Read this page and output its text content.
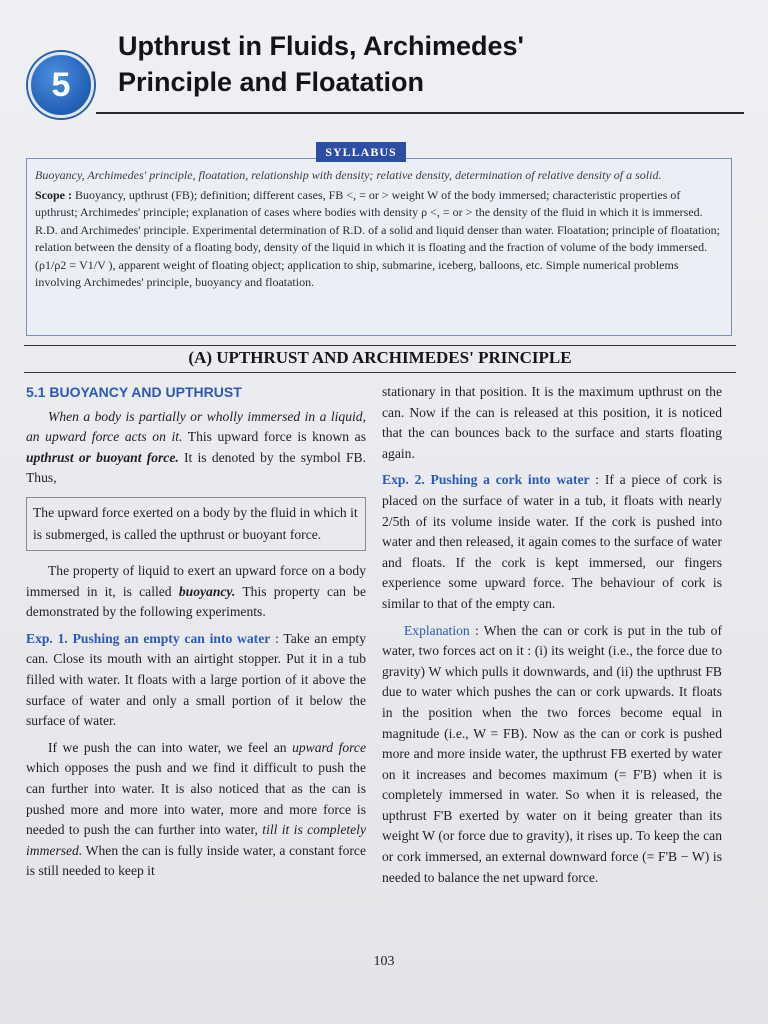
5
Upthrust in Fluids, Archimedes'
Principle and Floatation

Buoyancy, Archimedes' principle, floatation, relationship with density; relative density, determination of relative density of a solid.

Scope : Buoyancy, upthrust (FB); definition; different cases, FB <, = or > weight W of the body immersed; characteristic properties of upthrust; Archimedes' principle; explanation of cases where bodies with density ρ <, = or > the density of the fluid in which it is immersed. R.D. and Archimedes' principle. Experimental determination of R.D. of a solid and liquid denser than water. Floatation; principle of floatation; relation between the density of a floating body, density of the liquid in which it is floating and the fraction of volume of the body immersed. (ρ1/ρ2 = V1/V ), apparent weight of floating object; application to ship, submarine, iceberg, balloons, etc. Simple numerical problems involving Archimedes' principle, buoyancy and floatation.

SYLLABUS
(A) UPTHRUST AND ARCHIMEDES' PRINCIPLE
5.1 BUOYANCY AND UPTHRUST

When a body is partially or wholly immersed in a liquid, an upward force acts on it. This upward force is known as upthrust or buoyant force. It is denoted by the symbol FB. Thus,

The upward force exerted on a body by the fluid in which it is submerged, is called the upthrust or buoyant force.

The property of liquid to exert an upward force on a body immersed in it, is called buoyancy. This property can be demonstrated by the following experiments.

Exp. 1. Pushing an empty can into water : Take an empty can. Close its mouth with an airtight stopper. Put it in a tub filled with water. It floats with a large portion of it above the surface of water and only a small portion of it below the surface of water.

If we push the can into water, we feel an upward force which opposes the push and we find it difficult to push the can further into water. It is also noticed that as the can is pushed more and more into water, more and more force is needed to push the can further into water, till it is completely immersed. When the can is fully inside water, a constant force is still needed to keep it

stationary in that position. It is the maximum upthrust on the can. Now if the can is released at this position, it is noticed that the can bounces back to the surface and starts floating again.

Exp. 2. Pushing a cork into water : If a piece of cork is placed on the surface of water in a tub, it floats with nearly 2/5th of its volume inside water. If the cork is pushed into water and then released, it again comes to the surface of water and floats. If the cork is kept immersed, our fingers experience some upward force. The behaviour of cork is similar to that of the empty can.

Explanation : When the can or cork is put in the tub of water, two forces act on it : (i) its weight (i.e., the force due to gravity) W which pulls it downwards, and (ii) the upthrust FB due to water which pushes the can or cork upwards. It floats in the position when the two forces become equal in magnitude (i.e., W = FB). Now as the can or cork is pushed more and more inside water, the upthrust FB exerted by water on it increases and becomes maximum (= F'B) when it is completely immersed in water. So when it is released, the upthrust F'B exerted by water on it being greater than its weight W (or force due to gravity), it rises up. To keep the can or cork immersed, an external downward force (= F'B − W) is needed to balance the net upward force.

103
